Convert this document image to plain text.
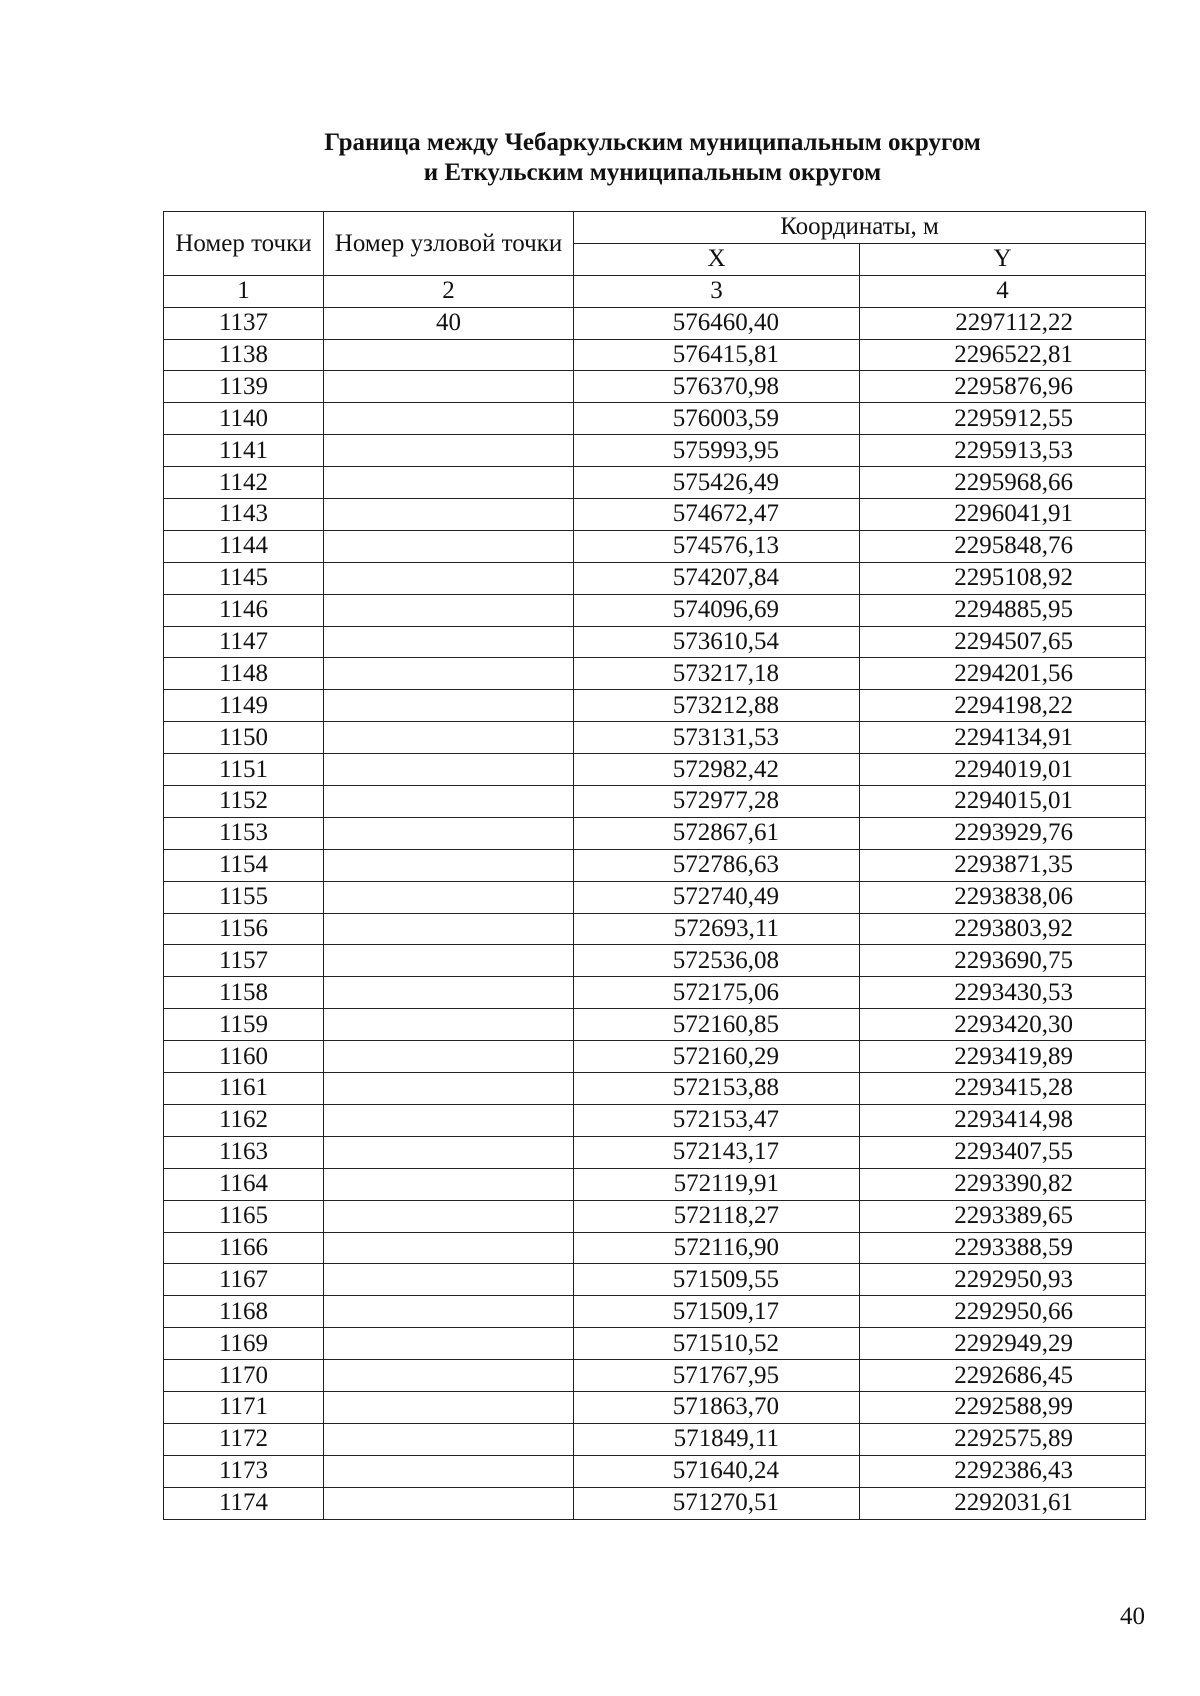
Граница между Чебаркульским муниципальным округом
и Еткульским муниципальным округом
Номер точки	Номер узловой точки	Координаты, м	
		X	Y
1	2	3	4
1137	40	576460,40	2297112,22
1138		576415,81	2296522,81
1139		576370,98	2295876,96
1140		576003,59	2295912,55
1141		575993,95	2295913,53
1142		575426,49	2295968,66
1143		574672,47	2296041,91
1144		574576,13	2295848,76
1145		574207,84	2295108,92
1146		574096,69	2294885,95
1147		573610,54	2294507,65
1148		573217,18	2294201,56
1149		573212,88	2294198,22
1150		573131,53	2294134,91
1151		572982,42	2294019,01
1152		572977,28	2294015,01
1153		572867,61	2293929,76
1154		572786,63	2293871,35
1155		572740,49	2293838,06
1156		572693,11	2293803,92
1157		572536,08	2293690,75
1158		572175,06	2293430,53
1159		572160,85	2293420,30
1160		572160,29	2293419,89
1161		572153,88	2293415,28
1162		572153,47	2293414,98
1163		572143,17	2293407,55
1164		572119,91	2293390,82
1165		572118,27	2293389,65
1166		572116,90	2293388,59
1167		571509,55	2292950,93
1168		571509,17	2292950,66
1169		571510,52	2292949,29
1170		571767,95	2292686,45
1171		571863,70	2292588,99
1172		571849,11	2292575,89
1173		571640,24	2292386,43
1174		571270,51	2292031,61
40
